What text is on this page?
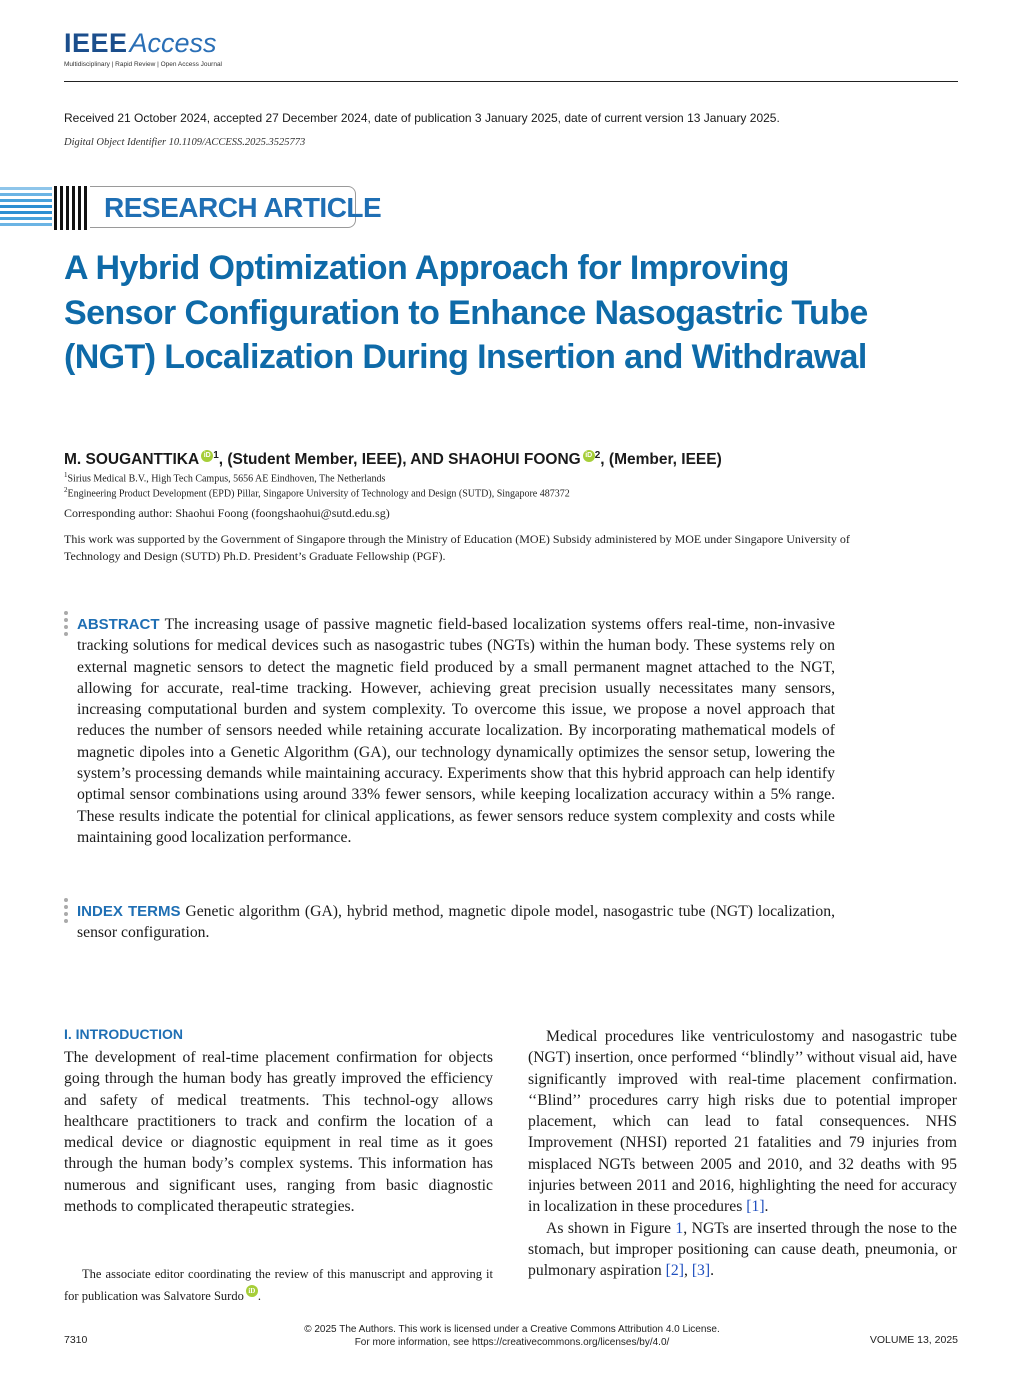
IEEE Access
Multidisciplinary | Rapid Review | Open Access Journal
Received 21 October 2024, accepted 27 December 2024, date of publication 3 January 2025, date of current version 13 January 2025.
Digital Object Identifier 10.1109/ACCESS.2025.3525773
RESEARCH ARTICLE
A Hybrid Optimization Approach for Improving Sensor Configuration to Enhance Nasogastric Tube (NGT) Localization During Insertion and Withdrawal
M. SOUGANTTIKA iD $^1$, (Student Member, IEEE), AND SHAOHUI FOONG iD $^2$, (Member, IEEE)
$^1$Sirius Medical B.V., High Tech Campus, 5656 AE Eindhoven, The Netherlands
$^2$Engineering Product Development (EPD) Pillar, Singapore University of Technology and Design (SUTD), Singapore 487372
Corresponding author: Shaohui Foong (foongshaohui@sutd.edu.sg)
This work was supported by the Government of Singapore through the Ministry of Education (MOE) Subsidy administered by MOE under Singapore University of Technology and Design (SUTD) Ph.D. President’s Graduate Fellowship (PGF).
ABSTRACT The increasing usage of passive magnetic field-based localization systems offers real-time, non-invasive tracking solutions for medical devices such as nasogastric tubes (NGTs) within the human body. These systems rely on external magnetic sensors to detect the magnetic field produced by a small permanent magnet attached to the NGT, allowing for accurate, real-time tracking. However, achieving great precision usually necessitates many sensors, increasing computational burden and system complexity. To overcome this issue, we propose a novel approach that reduces the number of sensors needed while retaining accurate localization. By incorporating mathematical models of magnetic dipoles into a Genetic Algorithm (GA), our technology dynamically optimizes the sensor setup, lowering the system’s processing demands while maintaining accuracy. Experiments show that this hybrid approach can help identify optimal sensor combinations using around 33% fewer sensors, while keeping localization accuracy within a 5% range. These results indicate the potential for clinical applications, as fewer sensors reduce system complexity and costs while maintaining good localization performance.
INDEX TERMS Genetic algorithm (GA), hybrid method, magnetic dipole model, nasogastric tube (NGT) localization, sensor configuration.
I. INTRODUCTION

The development of real-time placement confirmation for objects going through the human body has greatly improved the efficiency and safety of medical treatments. This technol-ogy allows healthcare practitioners to track and confirm the location of a medical device or diagnostic equipment in real time as it goes through the human body’s complex systems. This information has numerous and significant uses, ranging from basic diagnostic methods to complicated therapeutic strategies.

The associate editor coordinating the review of this manuscript and approving it for publication was Salvatore Surdo iD .

Medical procedures like ventriculostomy and nasogastric tube (NGT) insertion, once performed ‘‘blindly’’ without visual aid, have significantly improved with real-time placement confirmation. ‘‘Blind’’ procedures carry high risks due to potential improper placement, which can lead to fatal consequences. NHS Improvement (NHSI) reported 21 fatalities and 79 injuries from misplaced NGTs between 2005 and 2010, and 32 deaths with 95 injuries between 2011 and 2016, highlighting the need for accuracy in localization in these procedures [1].

As shown in Figure 1, NGTs are inserted through the nose to the stomach, but improper positioning can cause death, pneumonia, or pulmonary aspiration [2], [3].

© 2025 The Authors. This work is licensed under a Creative Commons Attribution 4.0 License.
For more information, see https://creativecommons.org/licenses/by/4.0/
7310	VOLUME 13, 2025
